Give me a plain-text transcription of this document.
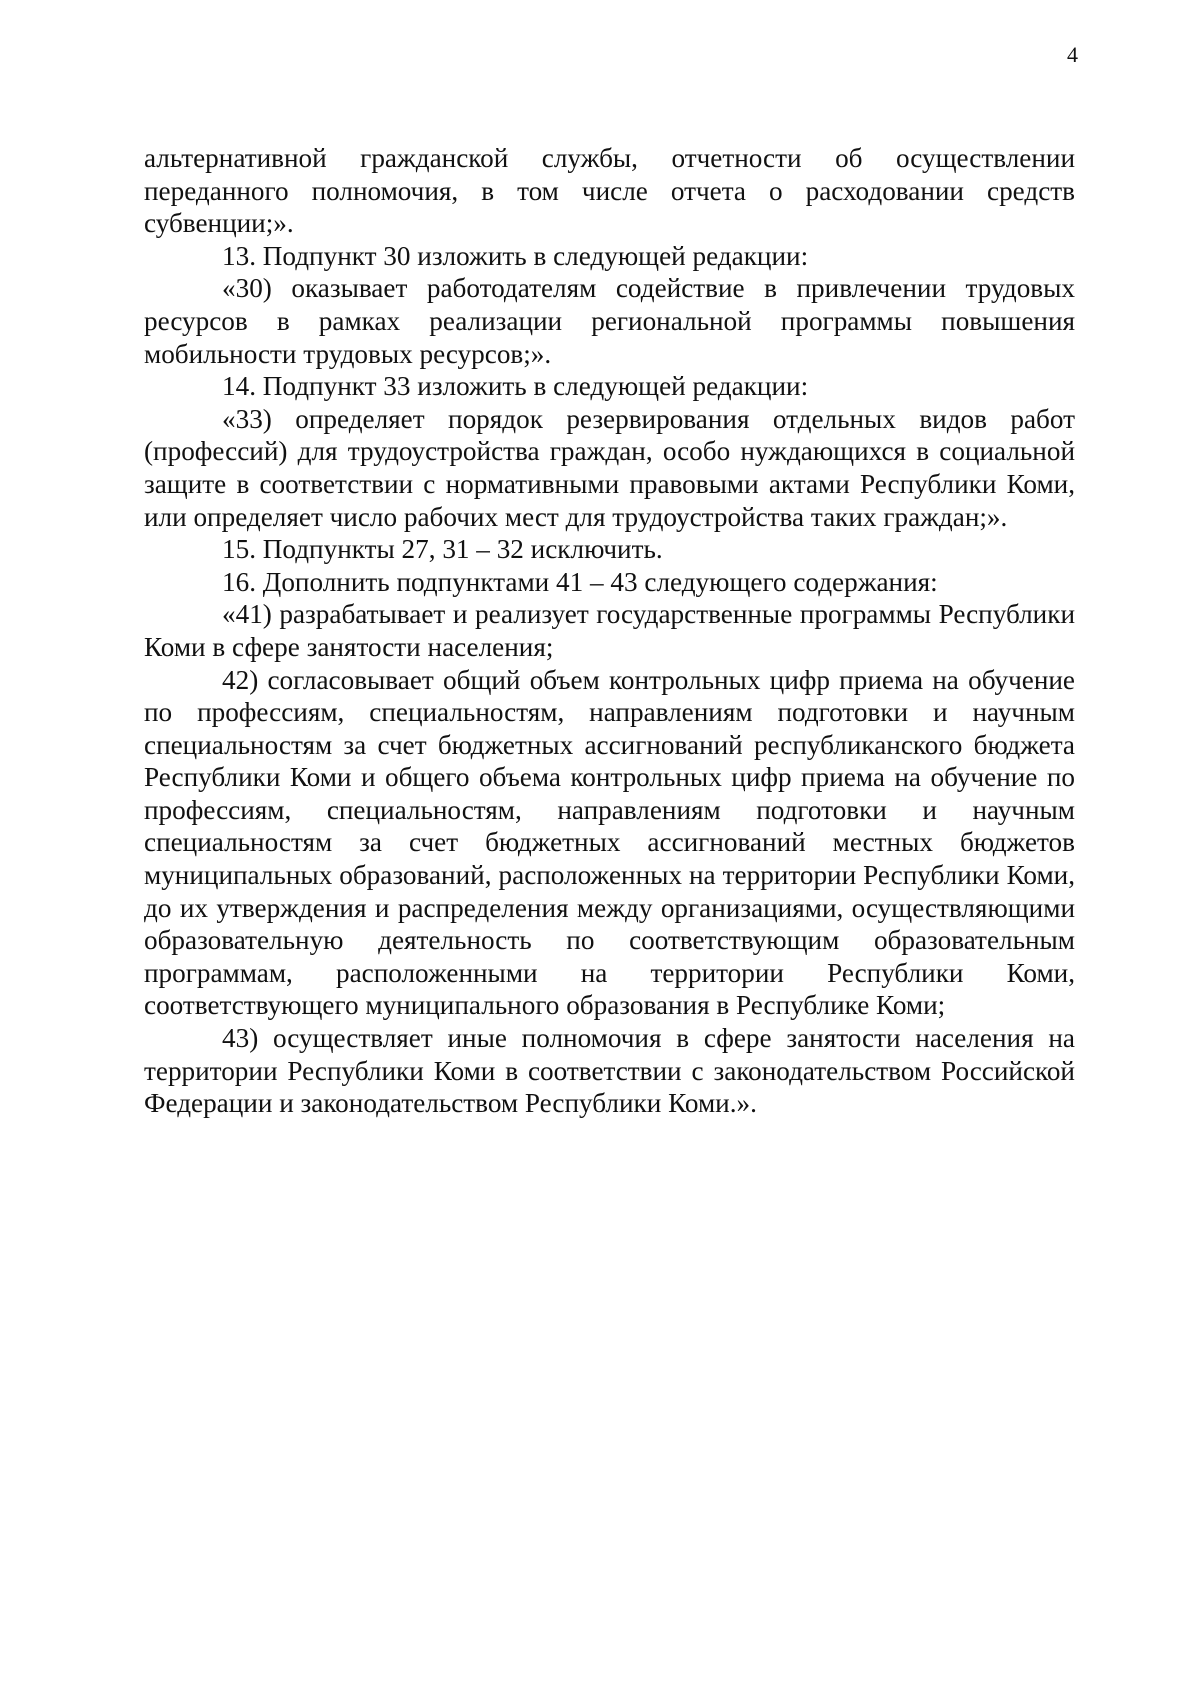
4

альтернативной гражданской службы, отчетности об осуществлении переданного полномочия, в том числе отчета о расходовании средств субвенции;».

13. Подпункт 30 изложить в следующей редакции:

«30) оказывает работодателям содействие в привлечении трудовых ресурсов в рамках реализации региональной программы повышения мобильности трудовых ресурсов;».

14. Подпункт 33 изложить в следующей редакции:

«33) определяет порядок резервирования отдельных видов работ (профессий) для трудоустройства граждан, особо нуждающихся в социальной защите в соответствии с нормативными правовыми актами Республики Коми, или определяет число рабочих мест для трудоустройства таких граждан;».

15. Подпункты 27, 31 – 32 исключить.

16. Дополнить подпунктами 41 – 43 следующего содержания:

«41) разрабатывает и реализует государственные программы Республики Коми в сфере занятости населения;

42) согласовывает общий объем контрольных цифр приема на обучение по профессиям, специальностям, направлениям подготовки и научным специальностям за счет бюджетных ассигнований республиканского бюджета Республики Коми и общего объема контрольных цифр приема на обучение по профессиям, специальностям, направлениям подготовки и научным специальностям за счет бюджетных ассигнований местных бюджетов муниципальных образований, расположенных на территории Республики Коми, до их утверждения и распределения между организациями, осуществляющими образовательную деятельность по соответствующим образовательным программам, расположенными на территории Республики Коми, соответствующего муниципального образования в Республике Коми;

43) осуществляет иные полномочия в сфере занятости населения на территории Республики Коми в соответствии с законодательством Российской Федерации и законодательством Республики Коми.».
